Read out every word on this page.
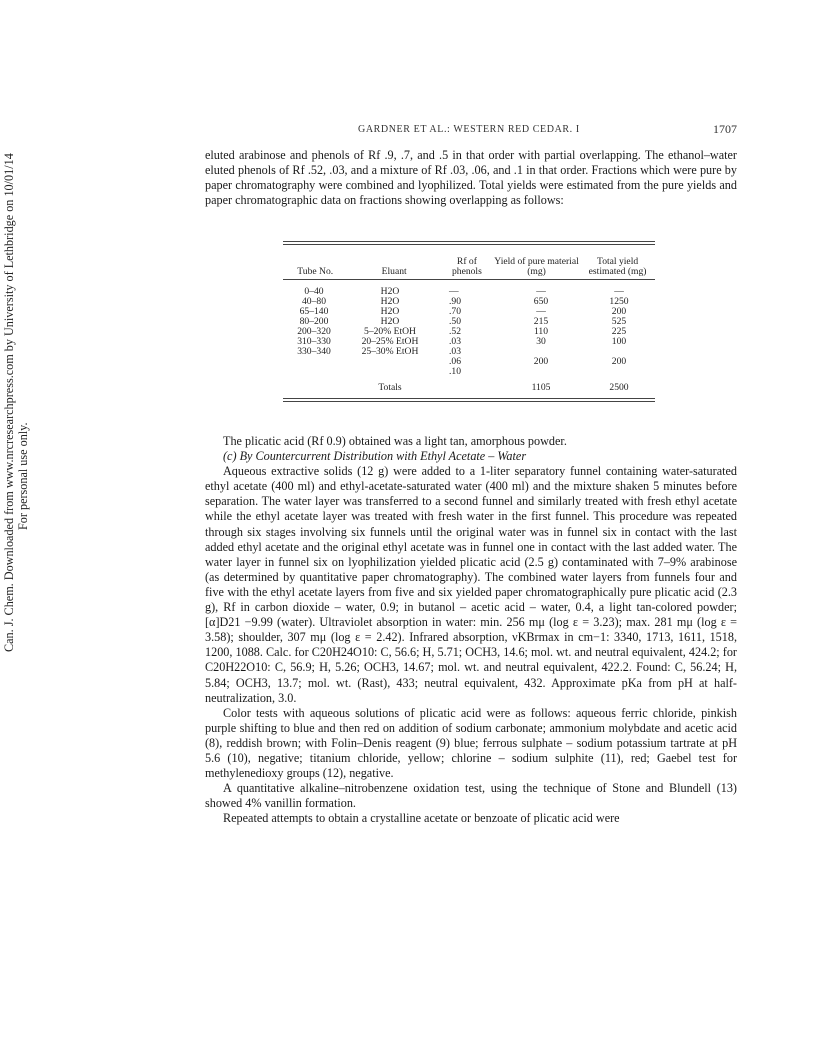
Can. J. Chem. Downloaded from www.nrcresearchpress.com by University of Lethbridge on 10/01/14 For personal use only.
GARDNER ET AL.: WESTERN RED CEDAR. I	1707

eluted arabinose and phenols of Rf .9, .7, and .5 in that order with partial overlapping. The ethanol–water eluted phenols of Rf .52, .03, and a mixture of Rf .03, .06, and .1 in that order. Fractions which were pure by paper chromatography were combined and lyophilized. Total yields were estimated from the pure yields and paper chromatographic data on fractions showing overlapping as follows:

Tube No.	Eluant	Rf of phenols	Yield of pure material (mg)	Total yield estimated (mg)
0–40	H2O	—	—	—
40–80	H2O	.90	650	1250
65–140	H2O	.70	—	200
80–200	H2O	.50	215	525
200–320	5–20% EtOH	.52	110	225
310–330	20–25% EtOH	.03	30	100
330–340	25–30% EtOH	.03		
		.06	200	200
		.10		
	Totals		1105	2500

The plicatic acid (Rf 0.9) obtained was a light tan, amorphous powder.

(c) By Countercurrent Distribution with Ethyl Acetate – Water

Aqueous extractive solids (12 g) were added to a 1-liter separatory funnel containing water-saturated ethyl acetate (400 ml) and ethyl-acetate-saturated water (400 ml) and the mixture shaken 5 minutes before separation. The water layer was transferred to a second funnel and similarly treated with fresh ethyl acetate while the ethyl acetate layer was treated with fresh water in the first funnel. This procedure was repeated through six stages involving six funnels until the original water was in funnel six in contact with the last added ethyl acetate and the original ethyl acetate was in funnel one in contact with the last added water. The water layer in funnel six on lyophilization yielded plicatic acid (2.5 g) contaminated with 7–9% arabinose (as determined by quantitative paper chromatography). The combined water layers from funnels four and five with the ethyl acetate layers from five and six yielded paper chromatographically pure plicatic acid (2.3 g), Rf in carbon dioxide – water, 0.9; in butanol – acetic acid – water, 0.4, a light tan-colored powder; [α]D21 −9.99 (water). Ultraviolet absorption in water: min. 256 mμ (log ε = 3.23); max. 281 mμ (log ε = 3.58); shoulder, 307 mμ (log ε = 2.42). Infrared absorption, νKBrmax in cm−1: 3340, 1713, 1611, 1518, 1200, 1088. Calc. for C20H24O10: C, 56.6; H, 5.71; OCH3, 14.6; mol. wt. and neutral equivalent, 424.2; for C20H22O10: C, 56.9; H, 5.26; OCH3, 14.67; mol. wt. and neutral equivalent, 422.2. Found: C, 56.24; H, 5.84; OCH3, 13.7; mol. wt. (Rast), 433; neutral equivalent, 432. Approximate pKa from pH at half-neutralization, 3.0.

Color tests with aqueous solutions of plicatic acid were as follows: aqueous ferric chloride, pinkish purple shifting to blue and then red on addition of sodium carbonate; ammonium molybdate and acetic acid (8), reddish brown; with Folin–Denis reagent (9) blue; ferrous sulphate – sodium potassium tartrate at pH 5.6 (10), negative; titanium chloride, yellow; chlorine – sodium sulphite (11), red; Gaebel test for methylenedioxy groups (12), negative.

A quantitative alkaline–nitrobenzene oxidation test, using the technique of Stone and Blundell (13) showed 4% vanillin formation.

Repeated attempts to obtain a crystalline acetate or benzoate of plicatic acid were
